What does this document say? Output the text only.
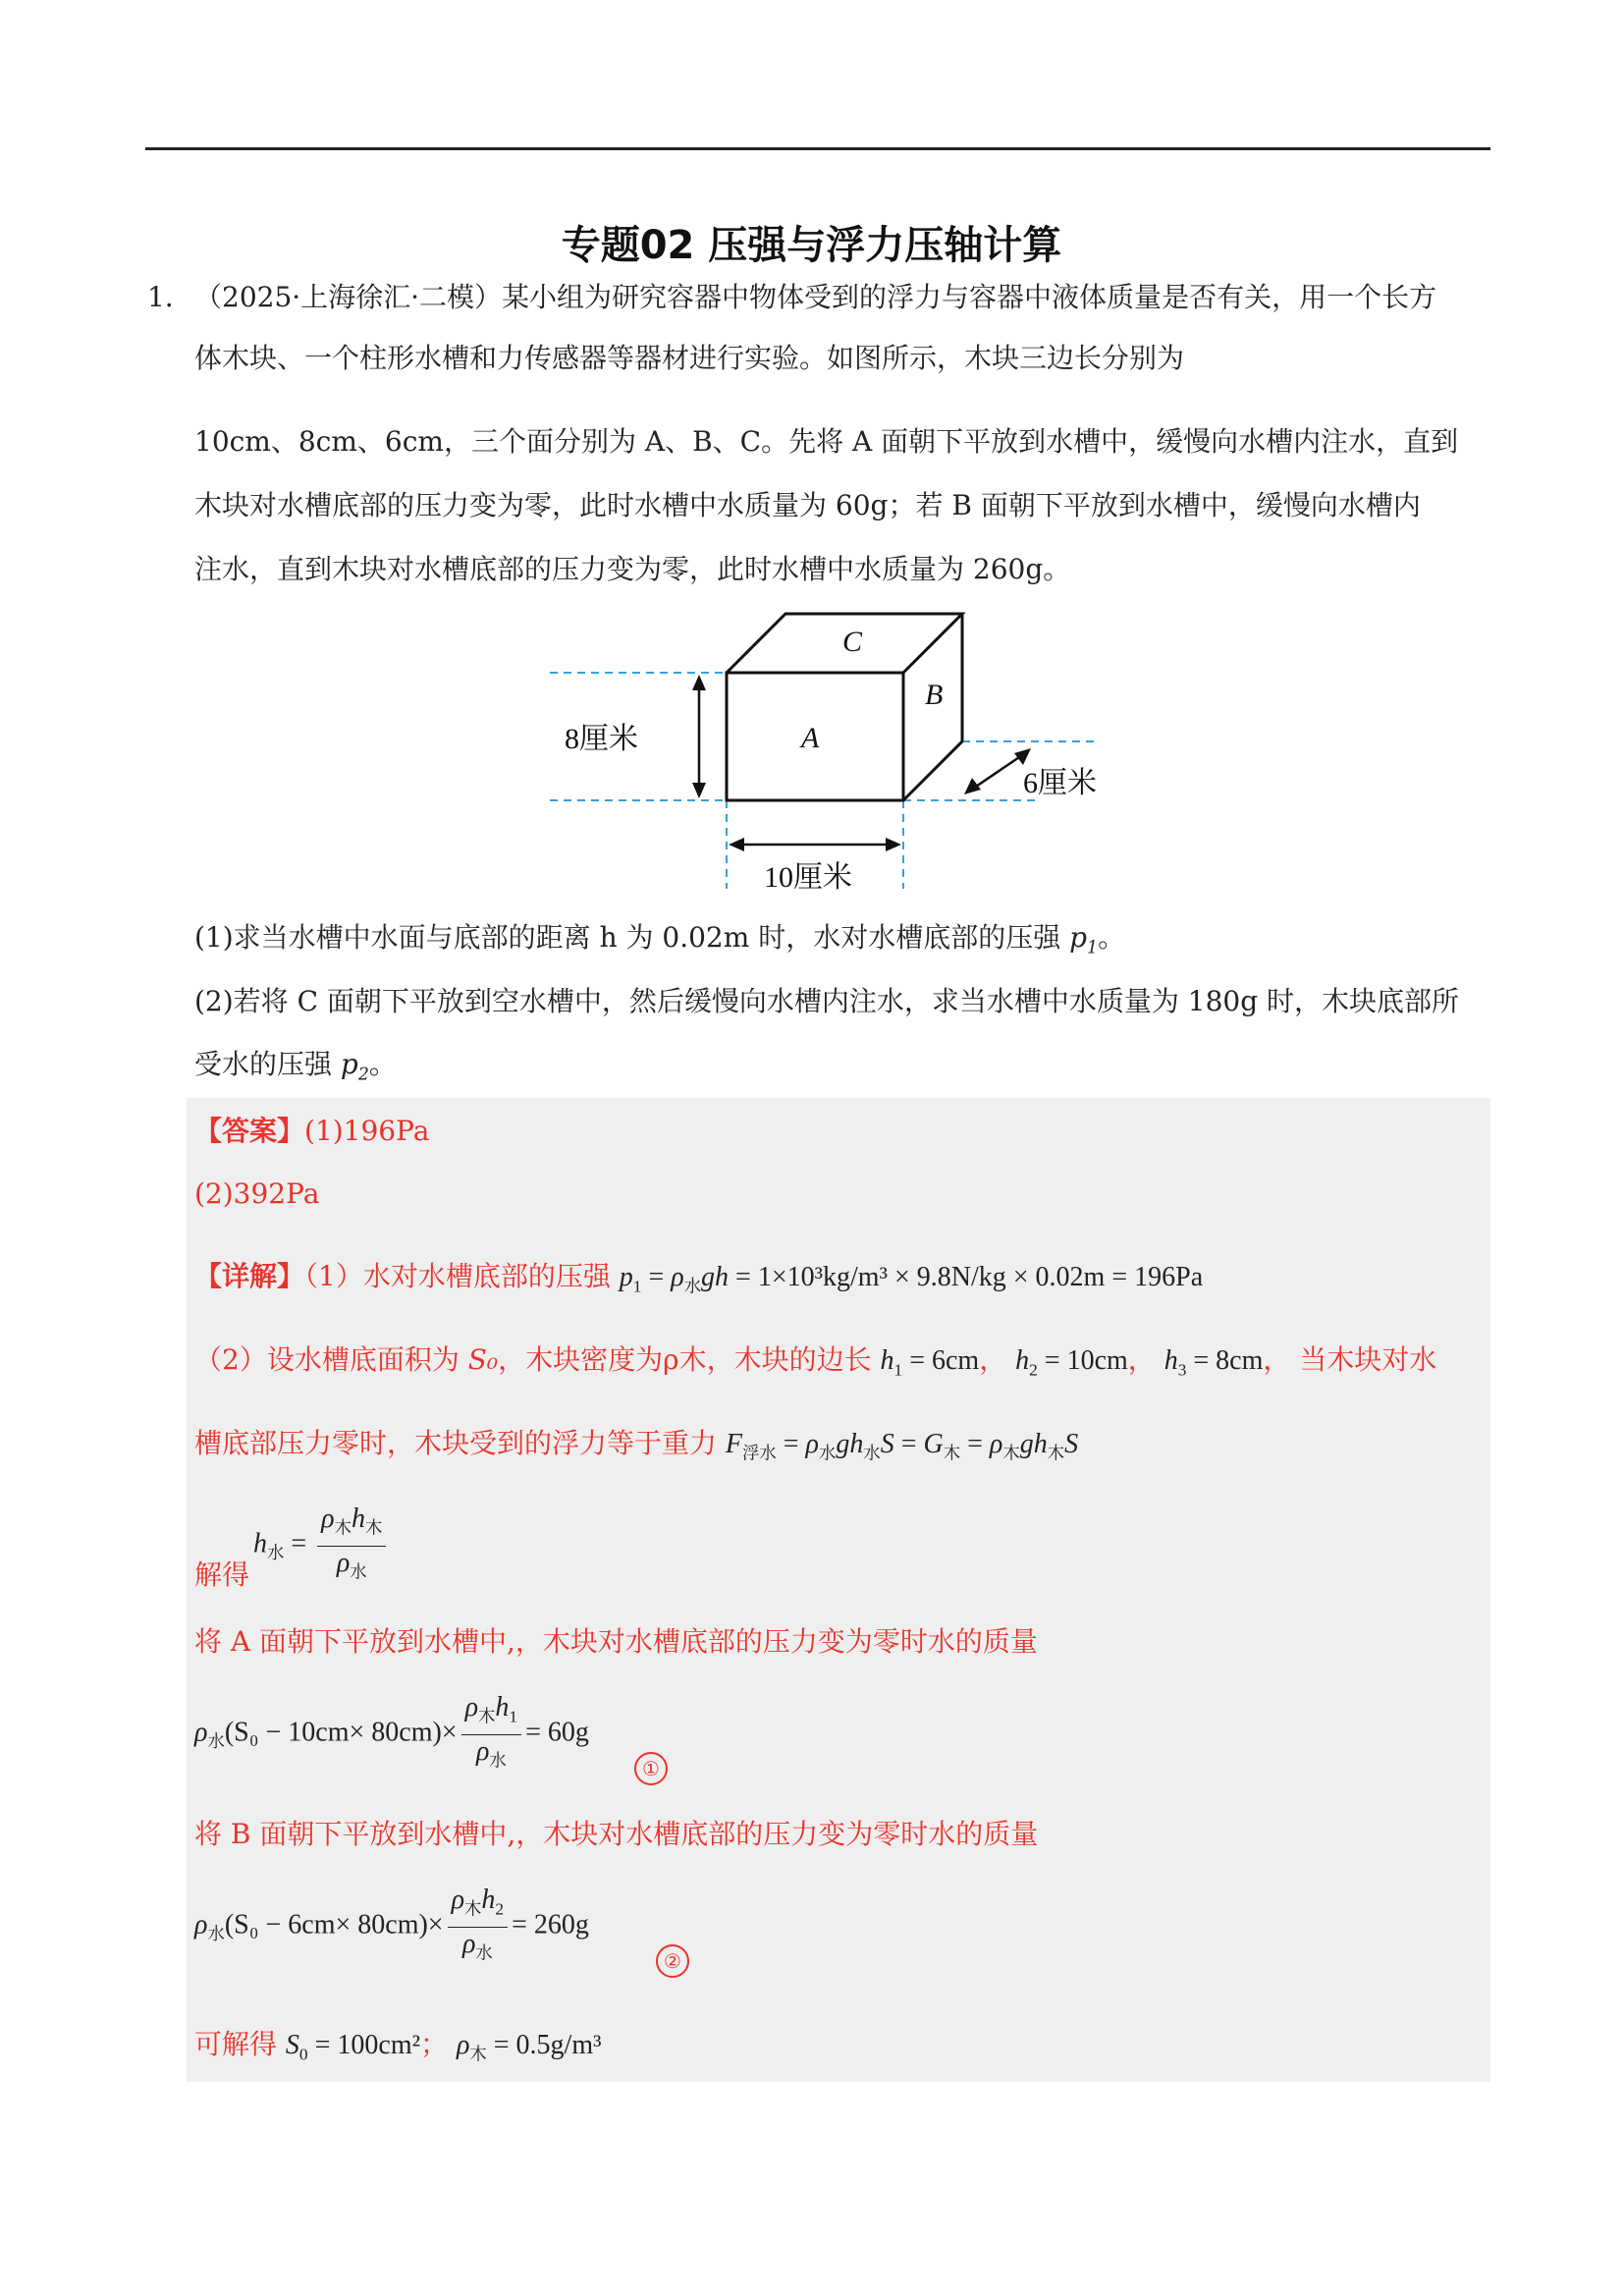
专题02 压强与浮力压轴计算
1． （2025·上海徐汇·二模）某小组为研究容器中物体受到的浮力与容器中液体质量是否有关，用一个长方
体木块、一个柱形水槽和力传感器等器材进行实验。如图所示，木块三边长分别为
10cm、8cm、6cm，三个面分别为 A、B、C。先将 A 面朝下平放到水槽中，缓慢向水槽内注水，直到
木块对水槽底部的压力变为零，此时水槽中水质量为 60g；若 B 面朝下平放到水槽中，缓慢向水槽内
注水，直到木块对水槽底部的压力变为零，此时水槽中水质量为 260g。
C
A
B
8厘米
6厘米
10厘米
(1)求当水槽中水面与底部的距离 h 为 0.02m 时，水对水槽底部的压强 $p_1$。
(2)若将 C 面朝下平放到空水槽中，然后缓慢向水槽内注水，求当水槽中水质量为 180g 时，木块底部所
受水的压强 $p_2$。
【答案】(1)196Pa
(2)392Pa
【详解】（1）水对水槽底部的压强 $p_1 = \rho_水gh = 1\times 10^3kg/m^3 \times 9.8N/kg \times 0.02m = 196Pa$
（2）设水槽底面积为 S₀，木块密度为ρ木，木块的边长 $h_1 = 6cm$， $h_2 = 10cm$， $h_3 = 8cm$， 当木块对水
槽底部压力零时，木块受到的浮力等于重力 $F_{浮水} = \rho_水gh_水S = G_木 = \rho_木gh_木S$
$h_水 = \frac{\rho_木h_木}{\rho_水}$
解得
将 A 面朝下平放到水槽中,，木块对水槽底部的压力变为零时水的质量
$\rho_水(S_0 - 10cm\times 80cm)\times \frac{\rho_木h_1}{\rho_水} = 60g$
①
将 B 面朝下平放到水槽中,，木块对水槽底部的压力变为零时水的质量
$\rho_水(S_0 - 6cm\times 80cm)\times \frac{\rho_木h_2}{\rho_水} = 260g$
②
可解得 $S_0 = 100cm^2$； $\rho_木 = 0.5g/m^3$
